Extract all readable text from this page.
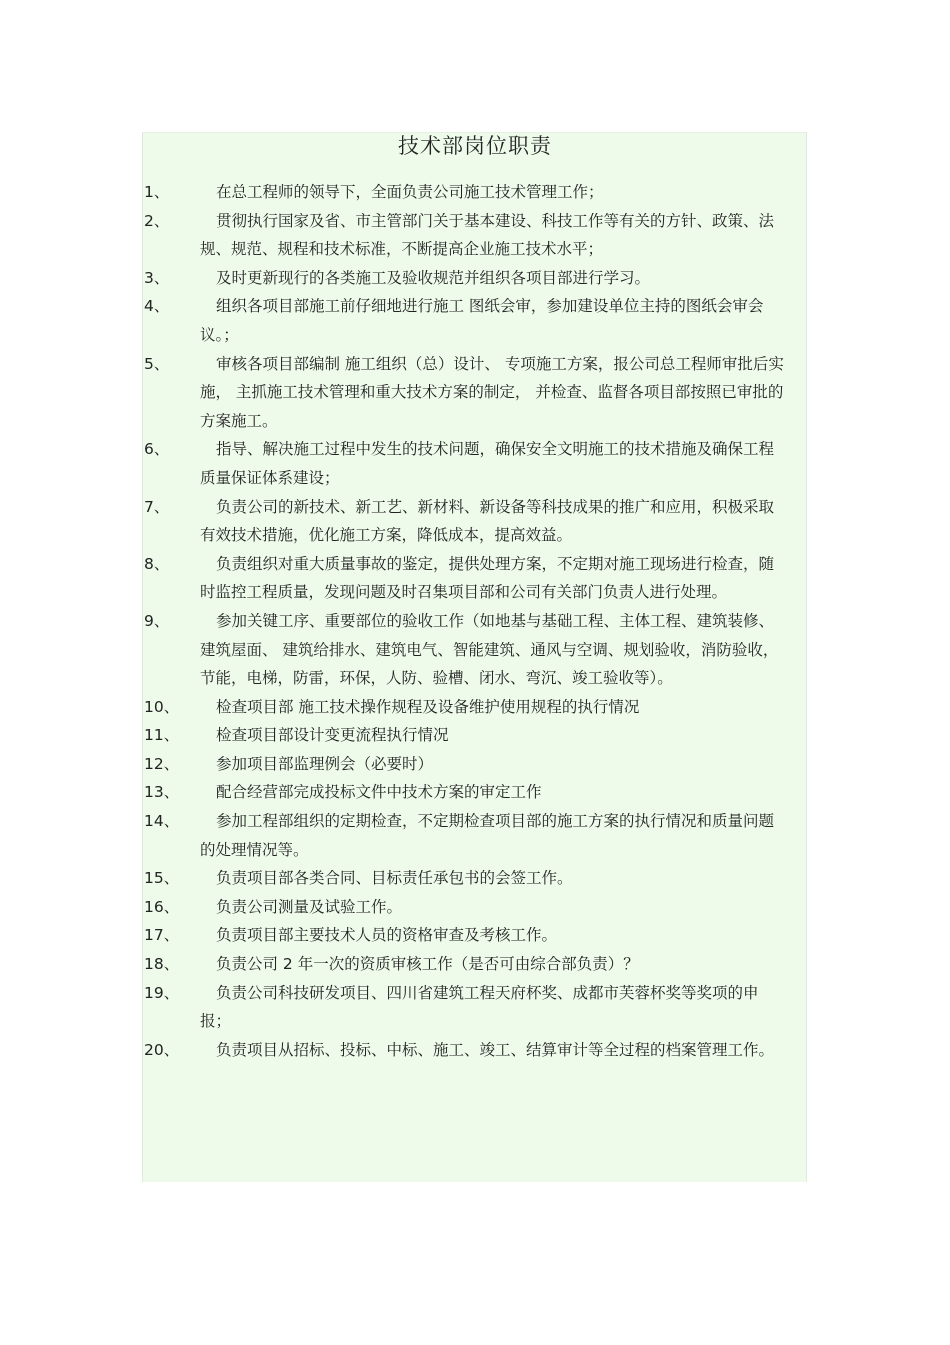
技术部岗位职责
1、	在总工程师的领导下，全面负责公司施工技术管理工作；
2、	贯彻执行国家及省、市主管部门关于基本建设、科技工作等有关的方针、政策、法规、规范、规程和技术标准，不断提高企业施工技术水平；
3、	及时更新现行的各类施工及验收规范并组织各项目部进行学习。
4、	组织各项目部施工前仔细地进行施工 图纸会审，参加建设单位主持的图纸会审会议。；
5、	审核各项目部编制 施工组织（总）设计、 专项施工方案，报公司总工程师审批后实施， 主抓施工技术管理和重大技术方案的制定， 并检查、监督各项目部按照已审批的方案施工。
6、	指导、解决施工过程中发生的技术问题，确保安全文明施工的技术措施及确保工程质量保证体系建设；
7、	负责公司的新技术、新工艺、新材料、新设备等科技成果的推广和应用，积极采取有效技术措施，优化施工方案，降低成本，提高效益。
8、	负责组织对重大质量事故的鉴定，提供处理方案，不定期对施工现场进行检查，随时监控工程质量，发现问题及时召集项目部和公司有关部门负责人进行处理。
9、	参加关键工序、重要部位的验收工作（如地基与基础工程、主体工程、建筑装修、建筑屋面、 建筑给排水、建筑电气、智能建筑、通风与空调、规划验收，消防验收，节能，电梯，防雷，环保，人防、验槽、闭水、弯沉、竣工验收等）。
10、	检查项目部 施工技术操作规程及设备维护使用规程的执行情况
11、	检查项目部设计变更流程执行情况
12、	参加项目部监理例会（必要时）
13、	配合经营部完成投标文件中技术方案的审定工作
14、	参加工程部组织的定期检查，不定期检查项目部的施工方案的执行情况和质量问题的处理情况等。
15、	负责项目部各类合同、目标责任承包书的会签工作。
16、	负责公司测量及试验工作。
17、	负责项目部主要技术人员的资格审查及考核工作。
18、	负责公司 2 年一次的资质审核工作（是否可由综合部负责）？
19、	负责公司科技研发项目、四川省建筑工程天府杯奖、成都市芙蓉杯奖等奖项的申报；
20、	负责项目从招标、投标、中标、施工、竣工、结算审计等全过程的档案管理工作。
